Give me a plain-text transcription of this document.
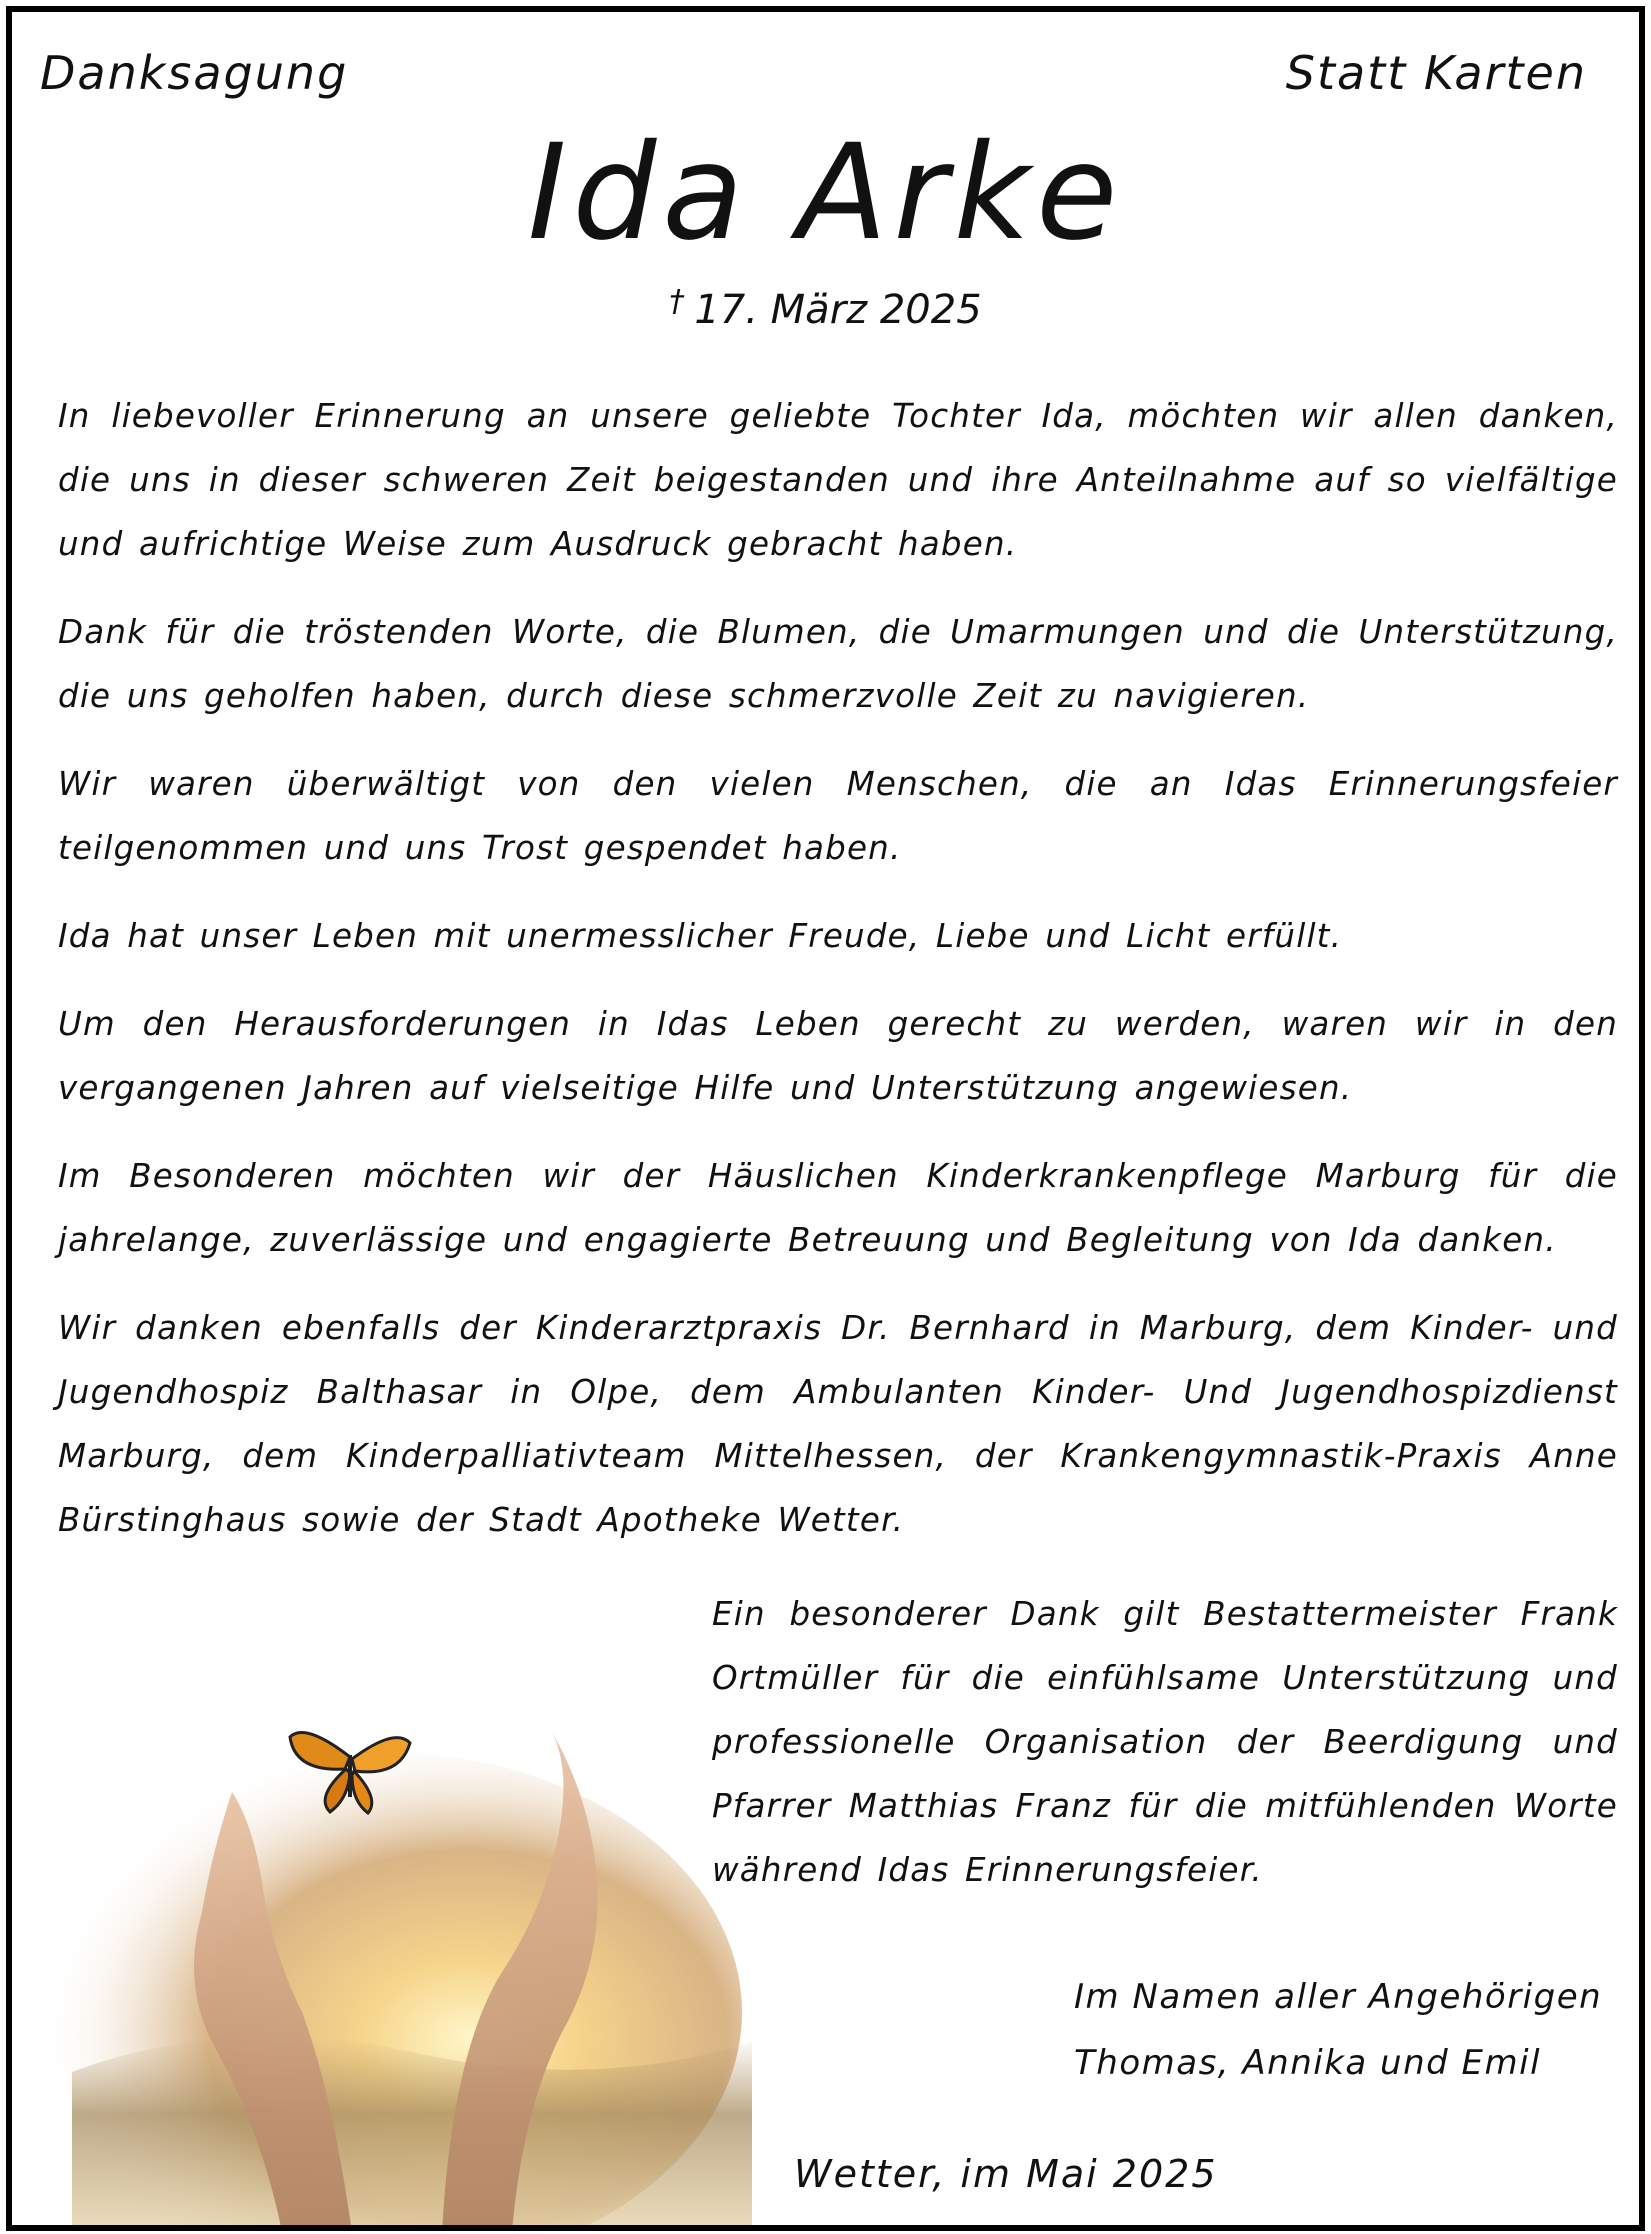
Danksagung	Statt Karten
Ida Arke
† 17. März 2025

In liebevoller Erinnerung an unsere geliebte Tochter Ida, möchten wir allen danken, die uns in dieser schweren Zeit beigestanden und ihre Anteilnahme auf so vielfältige und aufrichtige Weise zum Ausdruck gebracht haben.

Dank für die tröstenden Worte, die Blumen, die Umarmungen und die Unterstützung, die uns geholfen haben, durch diese schmerzvolle Zeit zu navigieren.

Wir waren überwältigt von den vielen Menschen, die an Idas Erinnerungsfeier teilgenommen und uns Trost gespendet haben.

Ida hat unser Leben mit unermesslicher Freude, Liebe und Licht erfüllt.

Um den Herausforderungen in Idas Leben gerecht zu werden, waren wir in den vergangenen Jahren auf vielseitige Hilfe und Unterstützung angewiesen.

Im Besonderen möchten wir der Häuslichen Kinderkrankenpflege Marburg für die jahrelange, zuverlässige und engagierte Betreuung und Begleitung von Ida danken.

Wir danken ebenfalls der Kinderarztpraxis Dr. Bernhard in Marburg, dem Kinder- und Jugendhospiz Balthasar in Olpe, dem Ambulanten Kinder- Und Jugendhospizdienst Marburg, dem Kinderpalliativteam Mittelhessen, der Krankengymnastik-Praxis Anne Bürstinghaus sowie der Stadt Apotheke Wetter.

Ein besonderer Dank gilt Bestattermeister Frank Ortmüller für die einfühlsame Unterstützung und professionelle Organisation der Beerdigung und Pfarrer Matthias Franz für die mitfühlenden Worte während Idas Erinnerungsfeier.
Im Namen aller Angehörigen
Thomas, Annika und Emil
Wetter, im Mai 2025
